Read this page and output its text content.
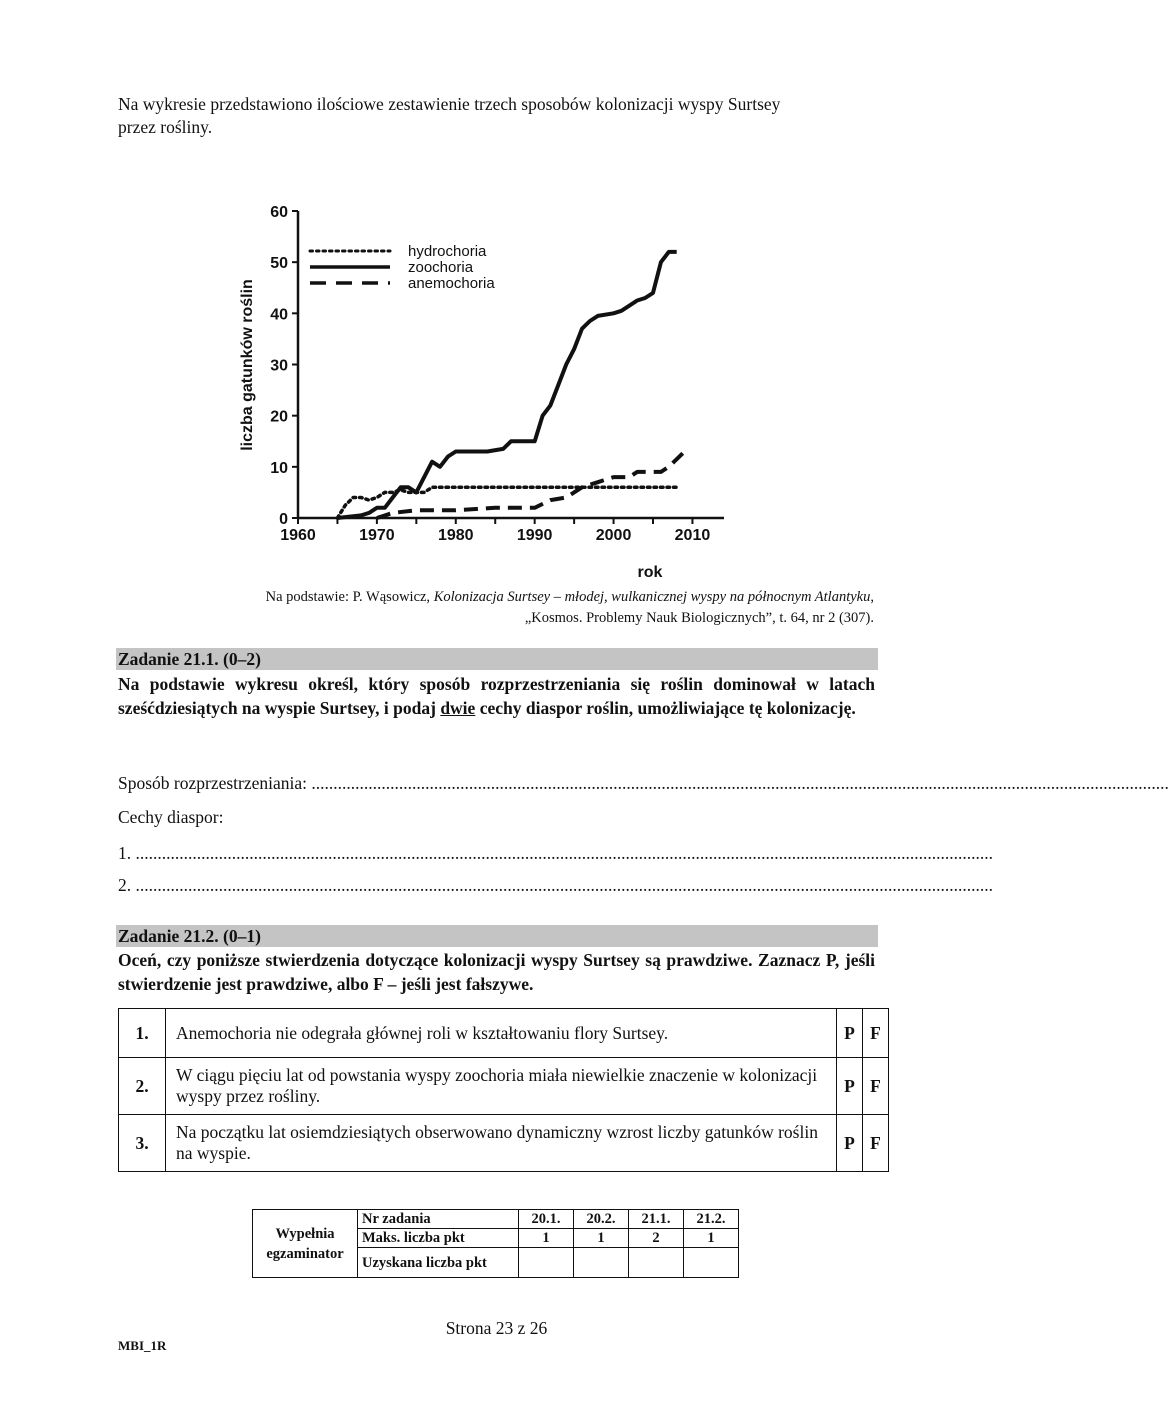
Na wykresie przedstawiono ilościowe zestawienie trzech sposobów kolonizacji wyspy Surtsey
przez rośliny.
0
10
20
30
40
50
60
1960	1970	1980	1990	2000	2010
hydrochoria
zoochoria
anemochoria
liczba gatunków roślin
rok
Na podstawie: P. Wąsowicz, Kolonizacja Surtsey – młodej, wulkanicznej wyspy na północnym Atlantyku,
„Kosmos. Problemy Nauk Biologicznych”, t. 64, nr 2 (307).
Zadanie 21.1. (0–2)
Na podstawie wykresu określ, który sposób rozprzestrzeniania się roślin dominował w latach sześćdziesiątych na wyspie Surtsey, i podaj dwie cechy diaspor roślin, umożliwiające tę kolonizację.
Sposób rozprzestrzeniania: ....................................................................................................................................................................................................
Cechy diaspor:
1. ....................................................................................................................................................................................................
2. ....................................................................................................................................................................................................
Zadanie 21.2. (0–1)
Oceń, czy poniższe stwierdzenia dotyczące kolonizacji wyspy Surtsey są prawdziwe. Zaznacz P, jeśli stwierdzenie jest prawdziwe, albo F – jeśli jest fałszywe.
1.	Anemochoria nie odegrała głównej roli w kształtowaniu flory Surtsey.	P	F
2.	W ciągu pięciu lat od powstania wyspy zoochoria miała niewielkie znaczenie w kolonizacji wyspy przez rośliny.	P	F
3.	Na początku lat osiemdziesiątych obserwowano dynamiczny wzrost liczby gatunków roślin na wyspie.	P	F
Wypełnia
egzaminator	Nr zadania	20.1.	20.2.	21.1.	21.2.
	Maks. liczba pkt	1	1	2	1
	Uzyskana liczba pkt				
Strona 23 z 26
MBI_1R
